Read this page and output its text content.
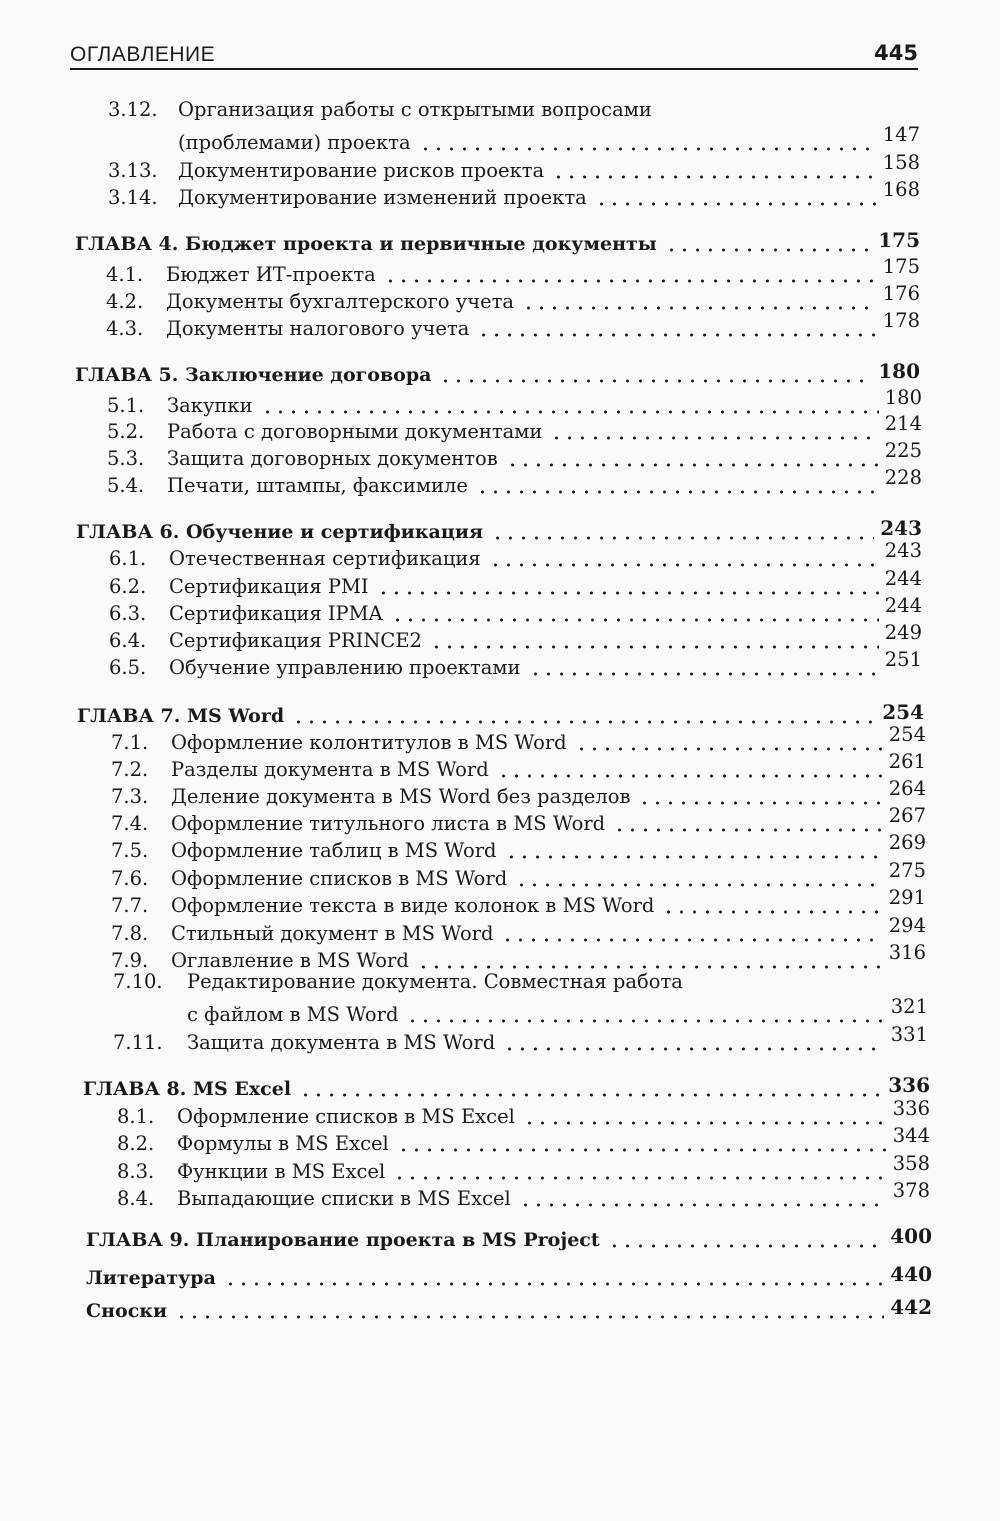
ОГЛАВЛЕНИЕ	445
3.12. Организация работы с открытыми вопросами
(проблемами) проекта	147
3.13.	Документирование рисков проекта	158
3.14.	Документирование изменений проекта	168
ГЛАВА 4. Бюджет проекта и первичные документы	175
4.1.	Бюджет ИТ-проекта	175
4.2.	Документы бухгалтерского учета	176
4.3.	Документы налогового учета	178
ГЛАВА 5. Заключение договора	180
5.1.	Закупки	180
5.2.	Работа с договорными документами	214
5.3.	Защита договорных документов	225
5.4.	Печати, штампы, факсимиле	228
ГЛАВА 6. Обучение и сертификация	243
6.1.	Отечественная сертификация	243
6.2.	Сертификация PMI	244
6.3.	Сертификация IPMA	244
6.4.	Сертификация PRINCE2	249
6.5.	Обучение управлению проектами	251
ГЛАВА 7. MS Word	254
7.1.	Оформление колонтитулов в MS Word	254
7.2.	Разделы документа в MS Word	261
7.3.	Деление документа в MS Word без разделов	264
7.4.	Оформление титульного листа в MS Word	267
7.5.	Оформление таблиц в MS Word	269
7.6.	Оформление списков в MS Word	275
7.7.	Оформление текста в виде колонок в MS Word	291
7.8.	Стильный документ в MS Word	294
7.9.	Оглавление в MS Word	316
7.10. Редактирование документа. Совместная работа
с файлом в MS Word	321
7.11.	Защита документа в MS Word	331
ГЛАВА 8. MS Excel	336
8.1.	Оформление списков в MS Excel	336
8.2.	Формулы в MS Excel	344
8.3.	Функции в MS Excel	358
8.4.	Выпадающие списки в MS Excel	378
ГЛАВА 9. Планирование проекта в MS Project	400
Литература	440
Сноски	442
